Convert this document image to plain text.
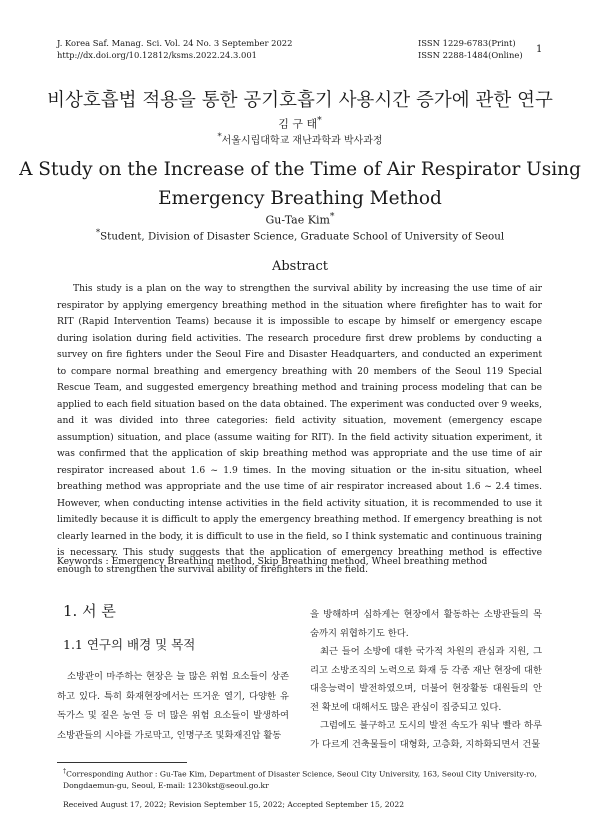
J. Korea Saf. Manag. Sci. Vol. 24 No. 3 September 2022
http://dx.doi.org/10.12812/ksms.2022.24.3.001
ISSN 1229-6783(Print)
ISSN 2288-1484(Online) 1
비상호흡법 적용을 통한 공기호흡기 사용시간 증가에 관한 연구
김 구 태*
*서울시립대학교 재난과학과 박사과정
A Study on the Increase of the Time of Air Respirator Using
Emergency Breathing Method
Gu-Tae Kim*
*Student, Division of Disaster Science, Graduate School of University of Seoul
Abstract

This study is a plan on the way to strengthen the survival ability by increasing the use time of air respirator by applying emergency breathing method in the situation where firefighter has to wait for RIT (Rapid Intervention Teams) because it is impossible to escape by himself or emergency escape during isolation during field activities. The research procedure first drew problems by conducting a survey on fire fighters under the Seoul Fire and Disaster Headquarters, and conducted an experiment to compare normal breathing and emergency breathing with 20 members of the Seoul 119 Special Rescue Team, and suggested emergency breathing method and training process modeling that can be applied to each field situation based on the data obtained. The experiment was conducted over 9 weeks, and it was divided into three categories: field activity situation, movement (emergency escape assumption) situation, and place (assume waiting for RIT). In the field activity situation experiment, it was confirmed that the application of skip breathing method was appropriate and the use time of air respirator increased about 1.6 ~ 1.9 times. In the moving situation or the in-situ situation, wheel breathing method was appropriate and the use time of air respirator increased about 1.6 ~ 2.4 times. However, when conducting intense activities in the field activity situation, it is recommended to use it limitedly because it is difficult to apply the emergency breathing method. If emergency breathing is not clearly learned in the body, it is difficult to use in the field, so I think systematic and continuous training is necessary. This study suggests that the application of emergency breathing method is effective enough to strengthen the survival ability of firefighters in the field.

Keywords : Emergency Breathing method, Skip Breathing method, Wheel breathing method
1. 서 론
1.1 연구의 배경 및 목적

소방관이 마주하는 현장은 늘 많은 위험 요소들이 상존하고 있다. 특히 화재현장에서는 뜨거운 열기, 다양한 유독가스 및 짙은 농연 등 더 많은 위험 요소들이 발생하여 소방관들의 시야를 가로막고, 인명구조 및화재진압 활동

을 방해하며 심하게는 현장에서 활동하는 소방관들의 목숨까지 위협하기도 한다.

최근 들어 소방에 대한 국가적 차원의 관심과 지원, 그리고 소방조직의 노력으로 화재 등 각종 재난 현장에 대한 대응능력이 발전하였으며, 더불어 현장활동 대원들의 안전 확보에 대해서도 많은 관심이 집중되고 있다.

그럼에도 불구하고 도시의 발전 속도가 워낙 빨라 하루가 다르게 건축물들이 대형화, 고층화, 지하화되면서 건물

†Corresponding Author : Gu-Tae Kim, Department of Disaster Science, Seoul City University, 163, Seoul City University-ro, Dongdaemun-gu, Seoul, E-mail: 1230kst@seoul.go.kr

Received August 17, 2022; Revision September 15, 2022; Accepted September 15, 2022
